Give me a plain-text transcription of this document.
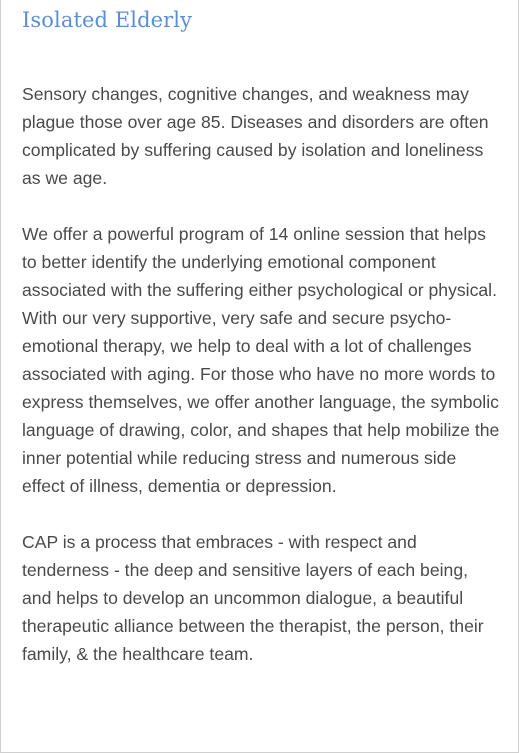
Isolated Elderly

Sensory changes, cognitive changes, and weakness may plague those over age 85. Diseases and disorders are often complicated by suffering caused by isolation and loneliness as we age.

We offer a powerful program of 14 online session that helps to better identify the underlying emotional component associated with the suffering either psychological or physical. With our very supportive, very safe and secure psycho-emotional therapy, we help to deal with a lot of challenges associated with aging. For those who have no more words to express themselves, we offer another language, the symbolic language of drawing, color, and shapes that help mobilize the inner potential while reducing stress and numerous side effect of illness, dementia or depression.

CAP is a process that embraces - with respect and tenderness - the deep and sensitive layers of each being, and helps to develop an uncommon dialogue, a beautiful therapeutic alliance between the therapist, the person, their family, & the healthcare team.
